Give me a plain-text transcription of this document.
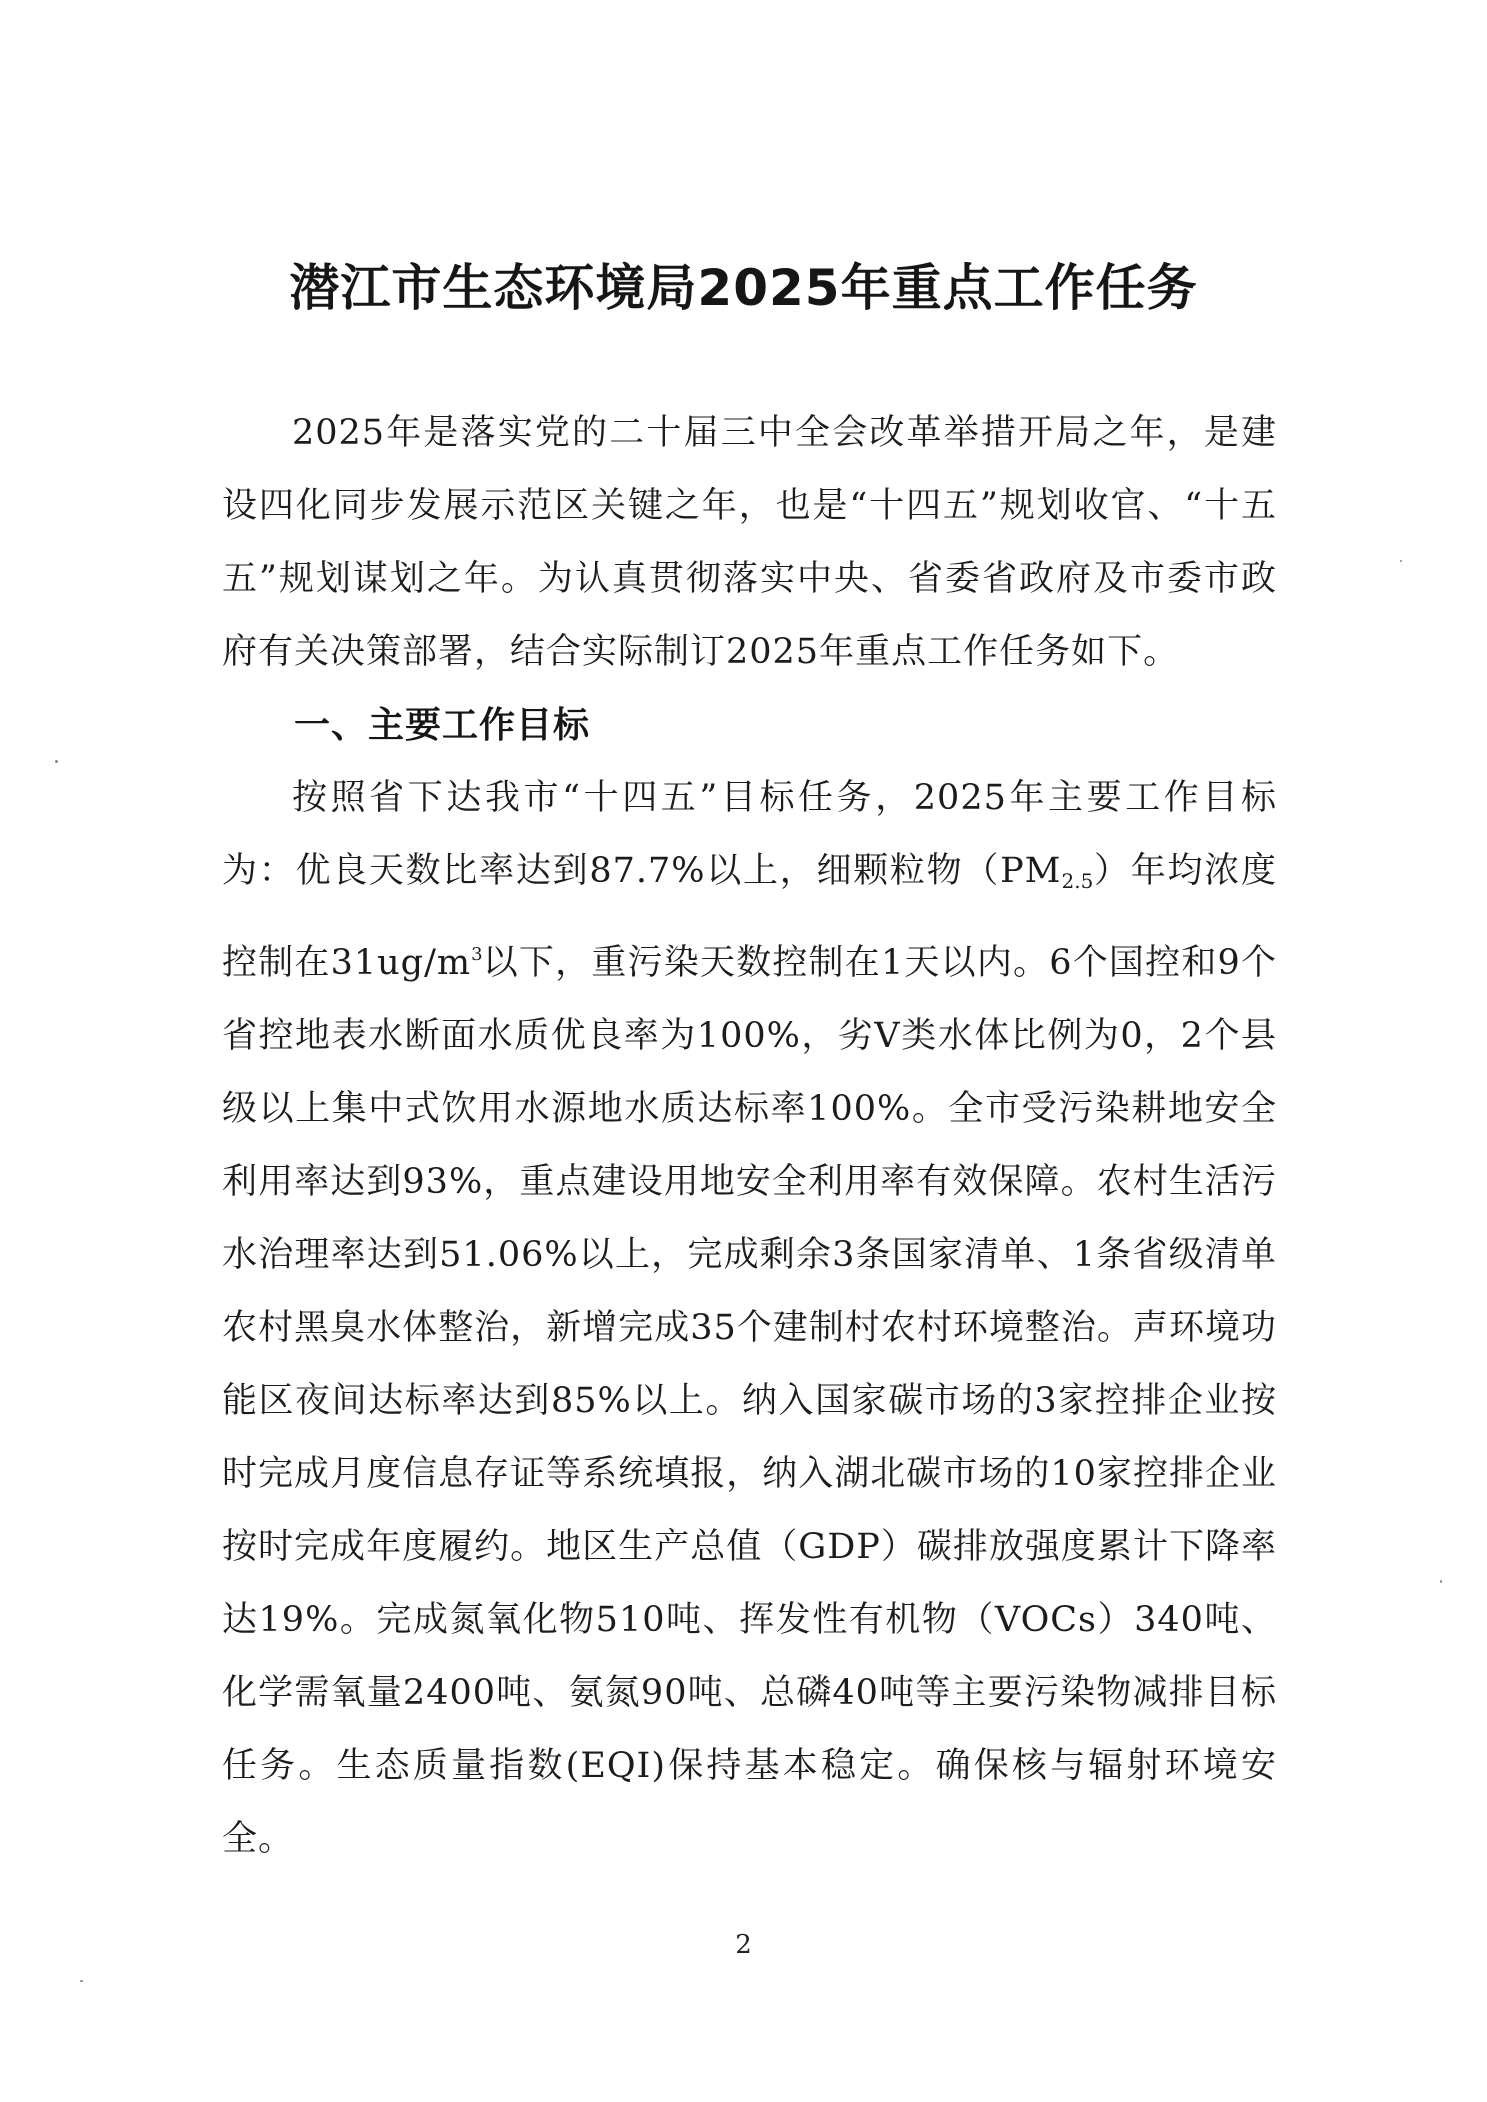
潜江市生态环境局2025年重点工作任务

2025年是落实党的二十届三中全会改革举措开局之年，是建设四化同步发展示范区关键之年，也是“十四五”规划收官、“十五五”规划谋划之年。为认真贯彻落实中央、省委省政府及市委市政府有关决策部署，结合实际制订2025年重点工作任务如下。

一、主要工作目标

按照省下达我市“十四五”目标任务，2025年主要工作目标为：优良天数比率达到87.7%以上，细颗粒物$(PM_{2.5})$年均浓度控制在$31ug/m^3$以下，重污染天数控制在1天以内。6个国控和9个省控地表水断面水质优良率为100%，劣Ⅴ类水体比例为0，2个县级以上集中式饮用水源地水质达标率100%。全市受污染耕地安全利用率达到93%，重点建设用地安全利用率有效保障。农村生活污水治理率达到51.06%以上，完成剩余3条国家清单、1条省级清单农村黑臭水体整治，新增完成35个建制村农村环境整治。声环境功能区夜间达标率达到85%以上。纳入国家碳市场的3家控排企业按时完成月度信息存证等系统填报，纳入湖北碳市场的10家控排企业按时完成年度履约。地区生产总值（GDP）碳排放强度累计下降率达19%。完成氮氧化物510吨、挥发性有机物（VOCs）340吨、化学需氧量2400吨、氨氮90吨、总磷40吨等主要污染物减排目标任务。生态质量指数(EQI)保持基本稳定。确保核与辐射环境安全。

2
